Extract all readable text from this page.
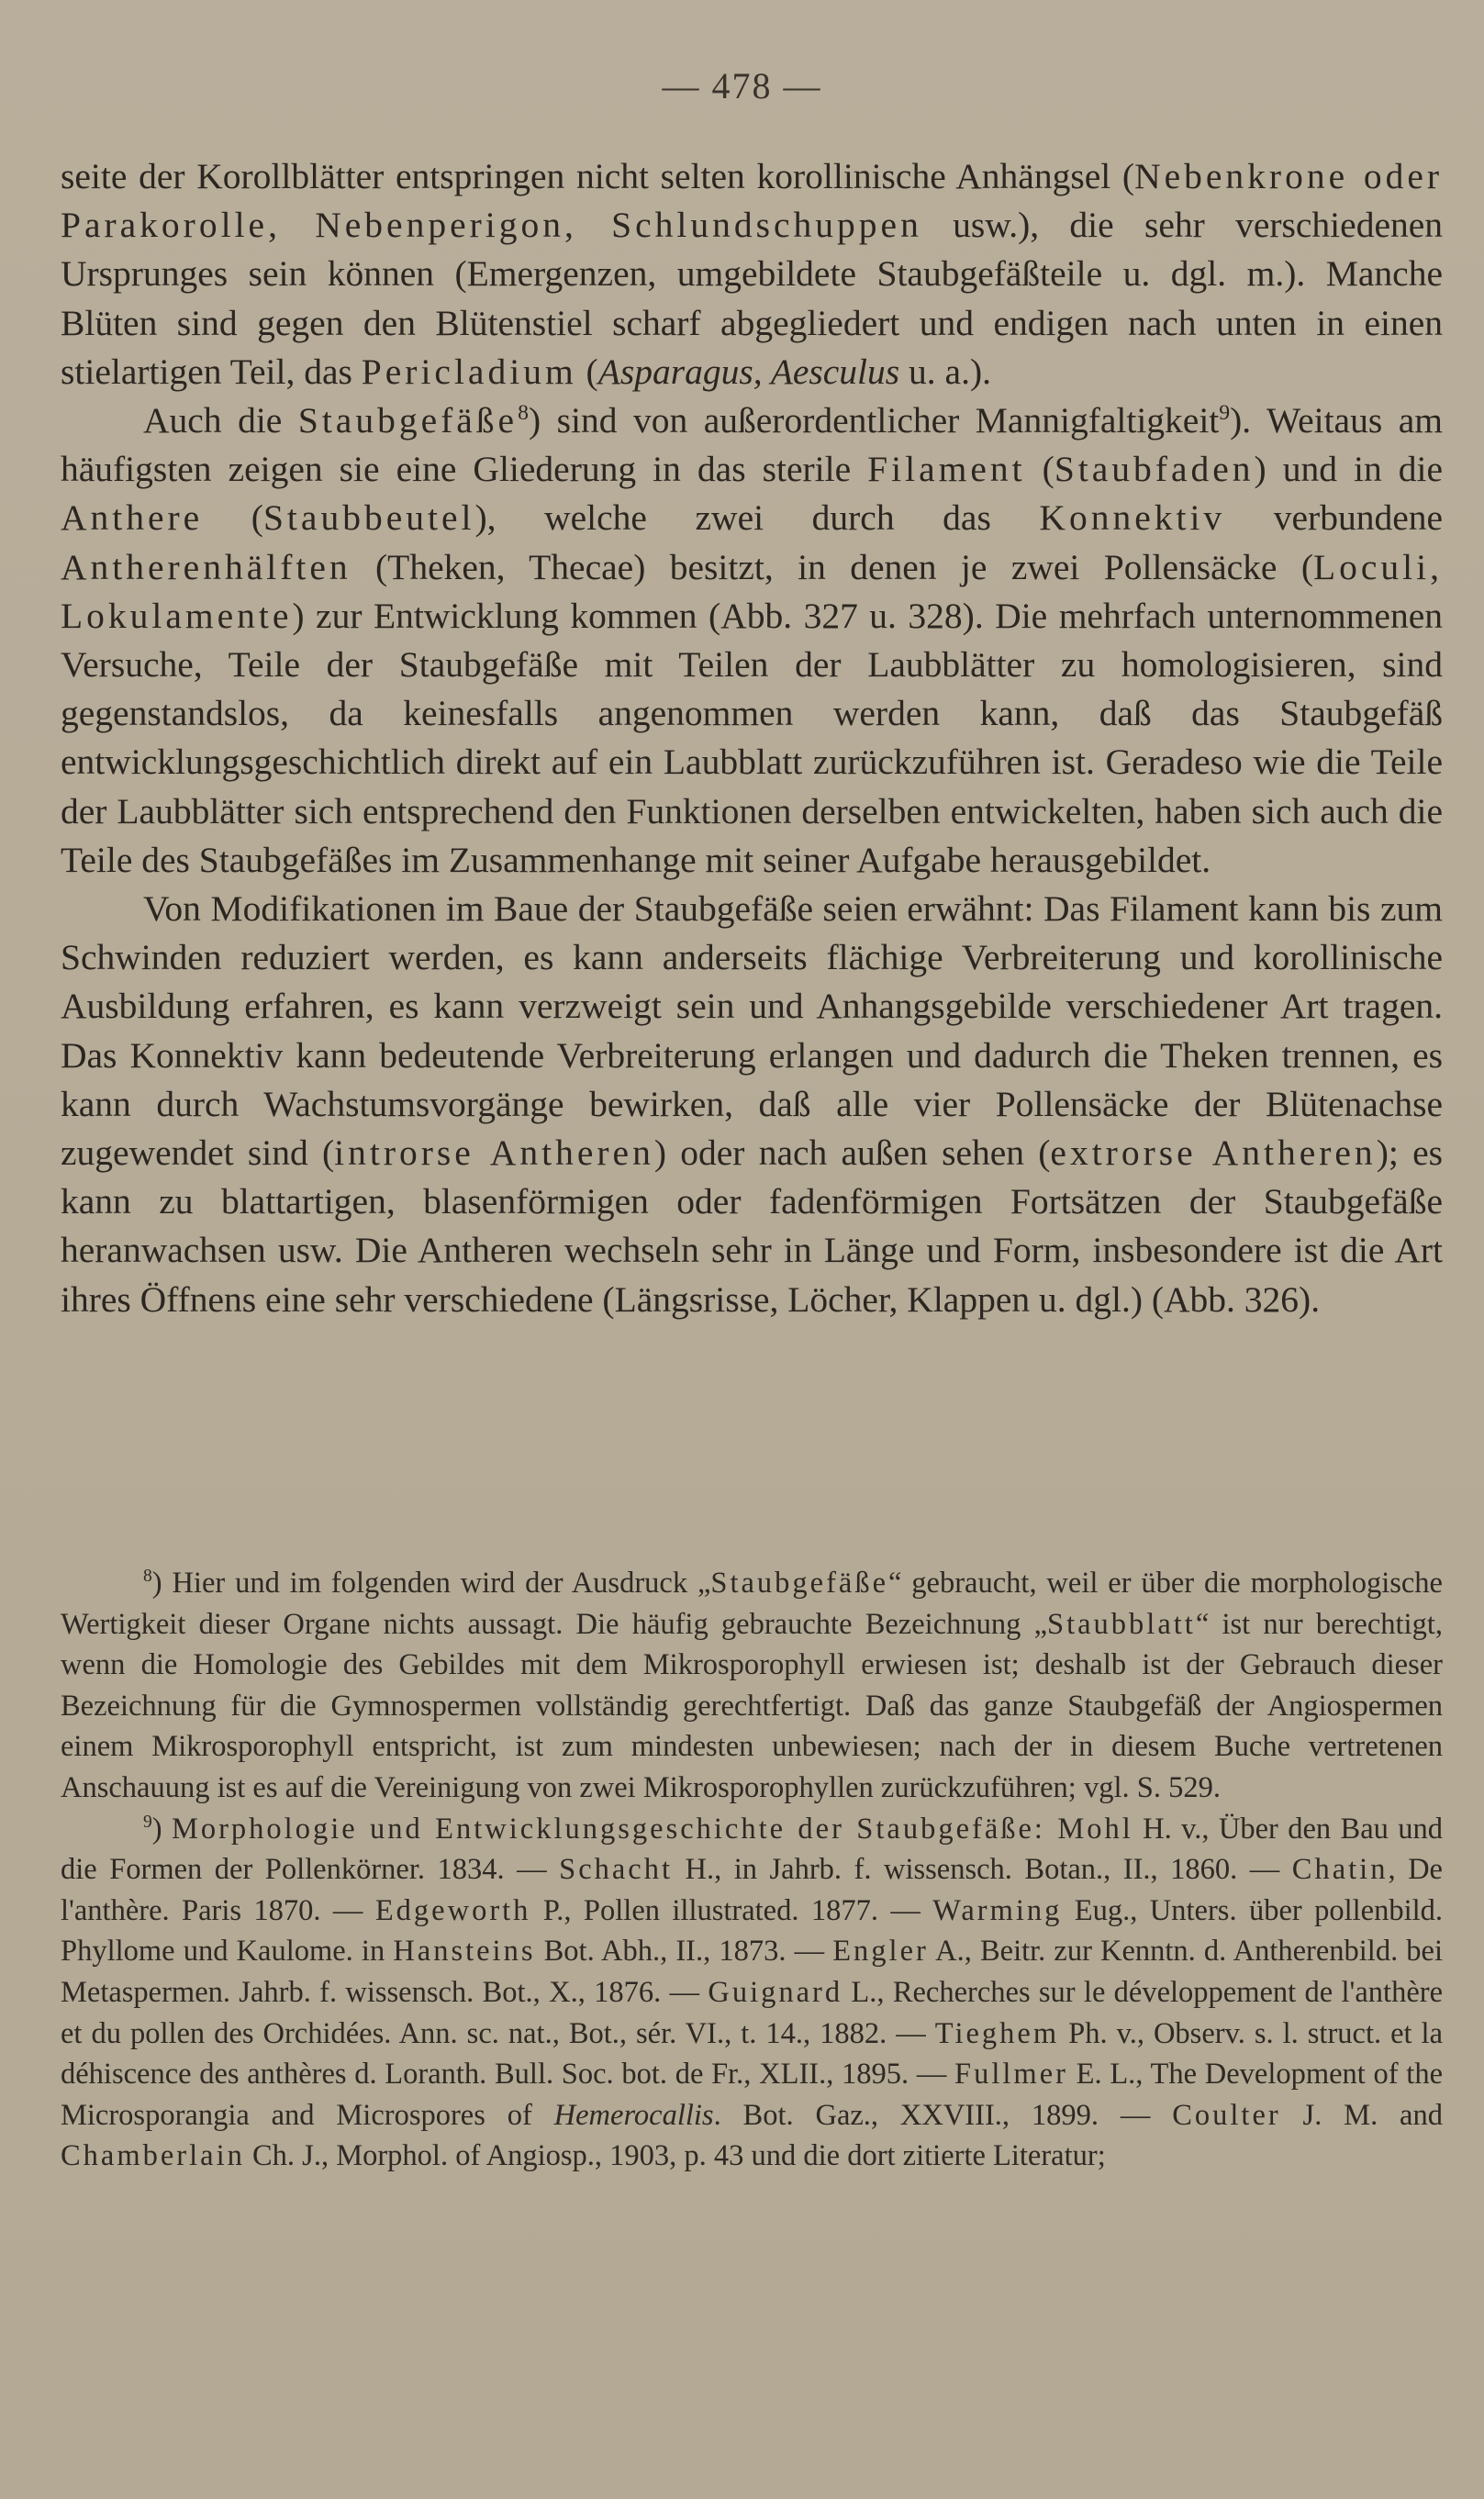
— 478 —

seite der Korollblätter entspringen nicht selten korollinische Anhängsel (Nebenkrone oder Parakorolle, Nebenperigon, Schlundschuppen usw.), die sehr verschiedenen Ursprunges sein können (Emergenzen, umgebildete Staubgefäßteile u. dgl. m.). Manche Blüten sind gegen den Blütenstiel scharf abgegliedert und endigen nach unten in einen stielartigen Teil, das Pericladium (Asparagus, Aesculus u. a.).

Auch die Staubgefäße$^8$) sind von außerordentlicher Mannigfaltigkeit$^9$). Weitaus am häufigsten zeigen sie eine Gliederung in das sterile Filament (Staubfaden) und in die Anthere (Staubbeutel), welche zwei durch das Konnektiv verbundene Antherenhälften (Theken, Thecae) besitzt, in denen je zwei Pollensäcke (Loculi, Lokulamente) zur Entwicklung kommen (Abb. 327 u. 328). Die mehrfach unternommenen Versuche, Teile der Staubgefäße mit Teilen der Laubblätter zu homologisieren, sind gegenstandslos, da keinesfalls angenommen werden kann, daß das Staubgefäß entwicklungsgeschichtlich direkt auf ein Laubblatt zurückzuführen ist. Geradeso wie die Teile der Laubblätter sich entsprechend den Funktionen derselben entwickelten, haben sich auch die Teile des Staubgefäßes im Zusammenhange mit seiner Aufgabe herausgebildet.

Von Modifikationen im Baue der Staubgefäße seien erwähnt: Das Filament kann bis zum Schwinden reduziert werden, es kann anderseits flächige Verbreiterung und korollinische Ausbildung erfahren, es kann verzweigt sein und Anhangsgebilde verschiedener Art tragen. Das Konnektiv kann bedeutende Verbreiterung erlangen und dadurch die Theken trennen, es kann durch Wachstumsvorgänge bewirken, daß alle vier Pollensäcke der Blütenachse zugewendet sind (introrse Antheren) oder nach außen sehen (extrorse Antheren); es kann zu blattartigen, blasenförmigen oder fadenförmigen Fortsätzen der Staubgefäße heranwachsen usw. Die Antheren wechseln sehr in Länge und Form, insbesondere ist die Art ihres Öffnens eine sehr verschiedene (Längsrisse, Löcher, Klappen u. dgl.) (Abb. 326).

$^8$) Hier und im folgenden wird der Ausdruck „Staubgefäße“ gebraucht, weil er über die morphologische Wertigkeit dieser Organe nichts aussagt. Die häufig gebrauchte Bezeichnung „Staubblatt“ ist nur berechtigt, wenn die Homologie des Gebildes mit dem Mikrosporophyll erwiesen ist; deshalb ist der Gebrauch dieser Bezeichnung für die Gymnospermen vollständig gerechtfertigt. Daß das ganze Staubgefäß der Angiospermen einem Mikrosporophyll entspricht, ist zum mindesten unbewiesen; nach der in diesem Buche vertretenen Anschauung ist es auf die Vereinigung von zwei Mikrosporophyllen zurückzuführen; vgl. S. 529.

$^9$) Morphologie und Entwicklungsgeschichte der Staubgefäße: Mohl H. v., Über den Bau und die Formen der Pollenkörner. 1834. — Schacht H., in Jahrb. f. wissensch. Botan., II., 1860. — Chatin, De l'anthère. Paris 1870. — Edgeworth P., Pollen illustrated. 1877. — Warming Eug., Unters. über pollenbild. Phyllome und Kaulome. in Hansteins Bot. Abh., II., 1873. — Engler A., Beitr. zur Kenntn. d. Antherenbild. bei Metaspermen. Jahrb. f. wissensch. Bot., X., 1876. — Guignard L., Recherches sur le développement de l'anthère et du pollen des Orchidées. Ann. sc. nat., Bot., sér. VI., t. 14., 1882. — Tieghem Ph. v., Observ. s. l. struct. et la déhiscence des anthères d. Loranth. Bull. Soc. bot. de Fr., XLII., 1895. — Fullmer E. L., The Development of the Microsporangia and Microspores of Hemerocallis. Bot. Gaz., XXVIII., 1899. — Coulter J. M. and Chamberlain Ch. J., Morphol. of Angiosp., 1903, p. 43 und die dort zitierte Literatur;
